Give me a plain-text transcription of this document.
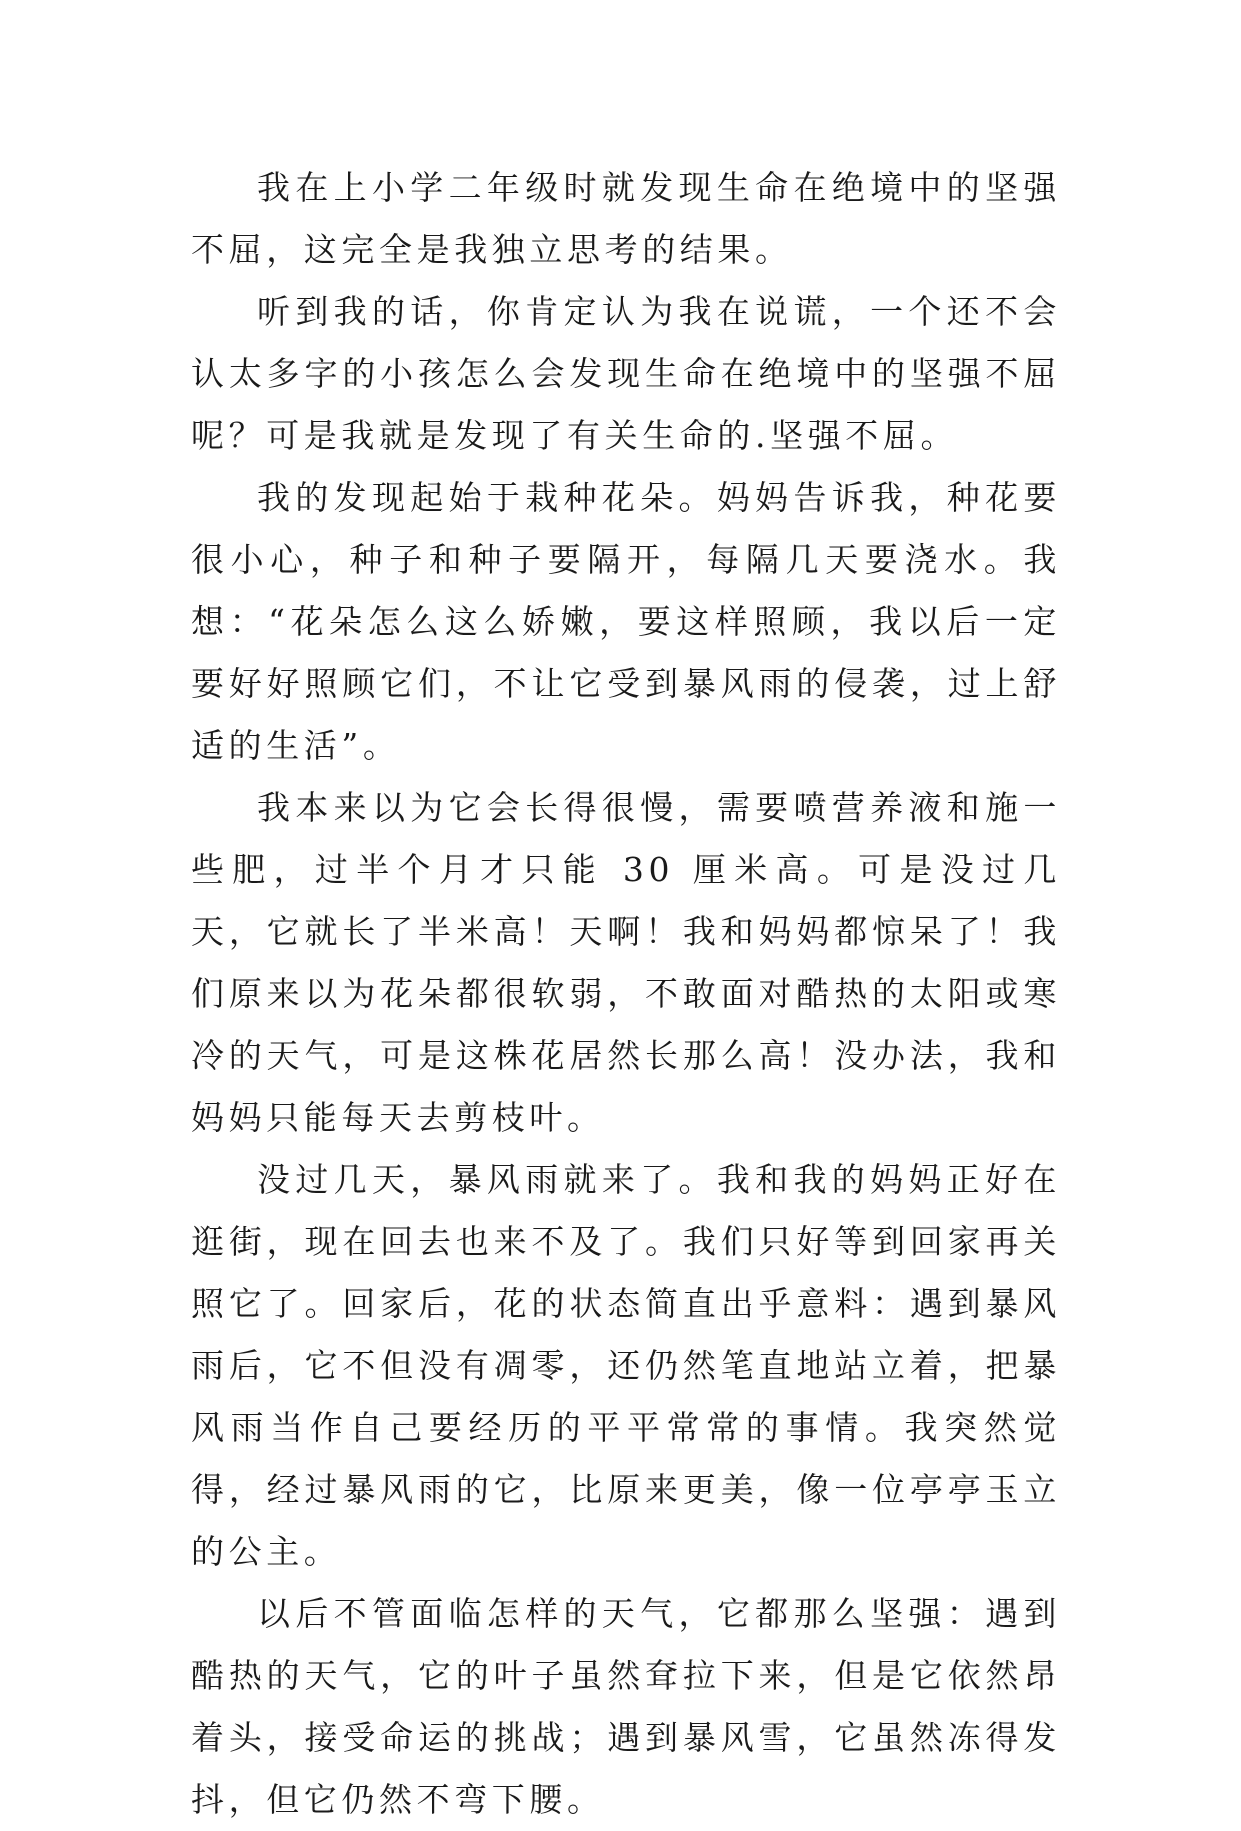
我在上小学二年级时就发现生命在绝境中的坚强不屈，这完全是我独立思考的结果。

听到我的话，你肯定认为我在说谎，一个还不会认太多字的小孩怎么会发现生命在绝境中的坚强不屈呢？可是我就是发现了有关生命的.坚强不屈。

我的发现起始于栽种花朵。妈妈告诉我，种花要很小心，种子和种子要隔开，每隔几天要浇水。我想：“花朵怎么这么娇嫩，要这样照顾，我以后一定要好好照顾它们，不让它受到暴风雨的侵袭，过上舒适的生活”。

我本来以为它会长得很慢，需要喷营养液和施一些肥，过半个月才只能 30 厘米高。可是没过几天，它就长了半米高！天啊！我和妈妈都惊呆了！我们原来以为花朵都很软弱，不敢面对酷热的太阳或寒冷的天气，可是这株花居然长那么高！没办法，我和妈妈只能每天去剪枝叶。

没过几天，暴风雨就来了。我和我的妈妈正好在逛街，现在回去也来不及了。我们只好等到回家再关照它了。回家后，花的状态简直出乎意料：遇到暴风雨后，它不但没有凋零，还仍然笔直地站立着，把暴风雨当作自己要经历的平平常常的事情。我突然觉得，经过暴风雨的它，比原来更美，像一位亭亭玉立的公主。

以后不管面临怎样的天气，它都那么坚强：遇到酷热的天气，它的叶子虽然耷拉下来，但是它依然昂着头，接受命运的挑战；遇到暴风雪，它虽然冻得发抖，但它仍然不弯下腰。
